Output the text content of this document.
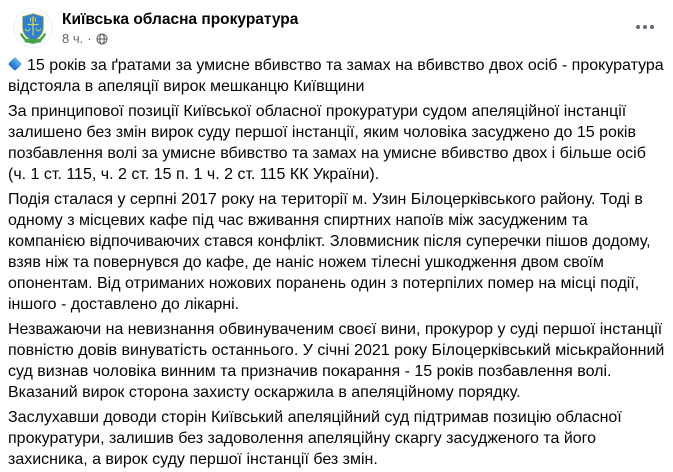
Київська обласна прокуратура
8 ч. ·

15 років за ґратами за умисне вбивство та замах на вбивство двох осіб - прокуратура відстояла в апеляції вирок мешканцю Київщини

За принципової позиції Київської обласної прокуратури судом апеляційної інстанції залишено без змін вирок суду першої інстанції, яким чоловіка засуджено до 15 років позбавлення волі за умисне вбивство та замах на умисне вбивство двох і більше осіб (ч. 1 ст. 115, ч. 2 ст. 15 п. 1 ч. 2 ст. 115 КК України).

Подія сталася у серпні 2017 року на території м. Узин Білоцерківського району. Тоді в одному з місцевих кафе під час вживання спиртних напоїв між засудженим та компанією відпочиваючих стався конфлікт. Зловмисник після суперечки пішов додому, взяв ніж та повернувся до кафе, де наніс ножем тілесні ушкодження двом своїм опонентам. Від отриманих ножових поранень один з потерпілих помер на місці події, іншого - доставлено до лікарні.

Незважаючи на невизнання обвинуваченим своєї вини, прокурор у суді першої інстанції повністю довів винуватість останнього. У січні 2021 року Білоцерківський міськрайонний суд визнав чоловіка винним та призначив покарання - 15 років позбавлення волі. Вказаний вирок сторона захисту оскаржила в апеляційному порядку.

Заслухавши доводи сторін Київський апеляційний суд підтримав позицію обласної прокуратури, залишив без задоволення апеляційну скаргу засудженого та його захисника, а вирок суду першої інстанції без змін.
